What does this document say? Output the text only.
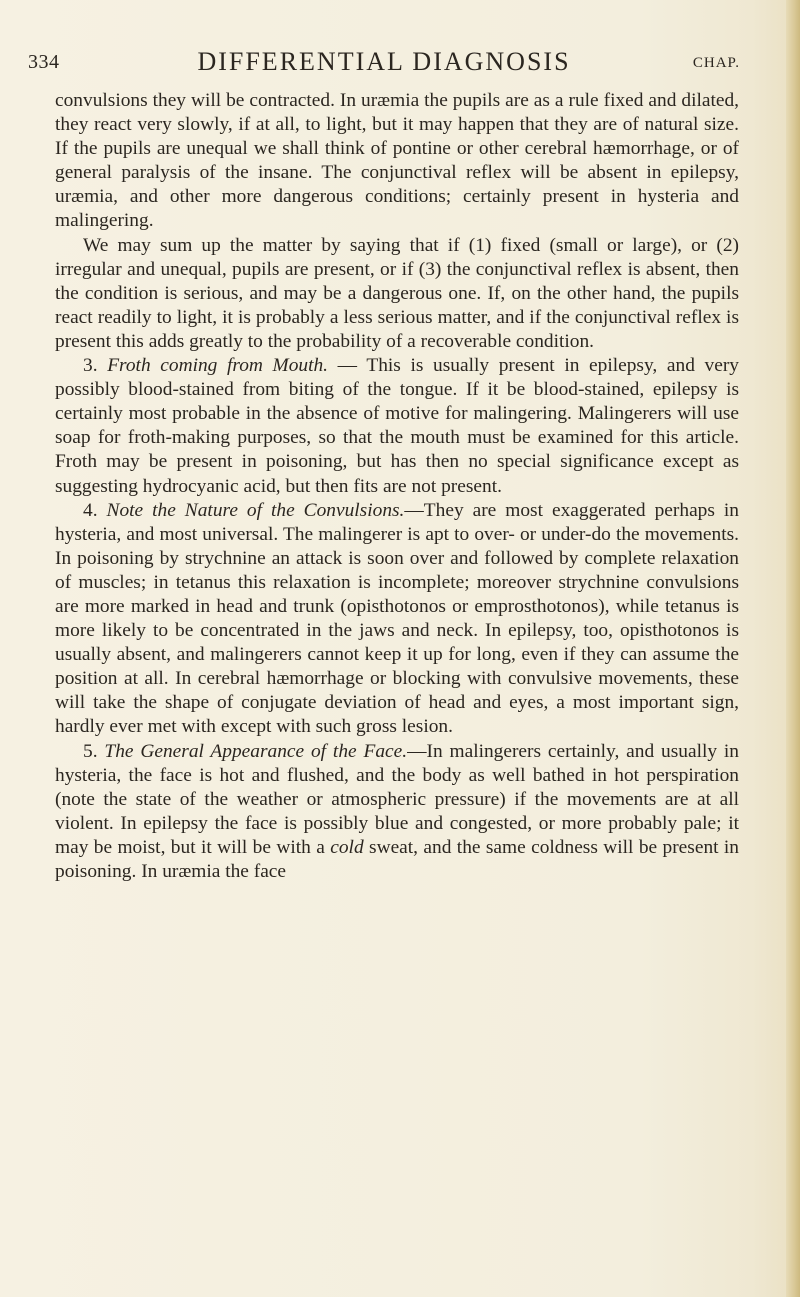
334	DIFFERENTIAL DIAGNOSIS	CHAP.

convulsions they will be contracted. In uræmia the pupils are as a rule fixed and dilated, they react very slowly, if at all, to light, but it may happen that they are of natural size. If the pupils are unequal we shall think of pontine or other cerebral hæmorrhage, or of general paralysis of the insane. The conjunctival reflex will be absent in epilepsy, uræmia, and other more dangerous conditions; certainly present in hysteria and malingering.

We may sum up the matter by saying that if (1) fixed (small or large), or (2) irregular and unequal, pupils are present, or if (3) the conjunctival reflex is absent, then the condition is serious, and may be a dangerous one. If, on the other hand, the pupils react readily to light, it is probably a less serious matter, and if the conjunctival reflex is present this adds greatly to the probability of a recoverable condition.

3. Froth coming from Mouth. — This is usually present in epilepsy, and very possibly blood-stained from biting of the tongue. If it be blood-stained, epilepsy is certainly most probable in the absence of motive for malingering. Malingerers will use soap for froth-making purposes, so that the mouth must be examined for this article. Froth may be present in poisoning, but has then no special significance except as suggesting hydrocyanic acid, but then fits are not present.

4. Note the Nature of the Convulsions.—They are most exaggerated perhaps in hysteria, and most universal. The malingerer is apt to over- or under-do the movements. In poisoning by strychnine an attack is soon over and followed by complete relaxation of muscles; in tetanus this relaxation is incomplete; moreover strychnine convulsions are more marked in head and trunk (opisthotonos or emprosthotonos), while tetanus is more likely to be concentrated in the jaws and neck. In epilepsy, too, opisthotonos is usually absent, and malingerers cannot keep it up for long, even if they can assume the position at all. In cerebral hæmorrhage or blocking with convulsive movements, these will take the shape of conjugate deviation of head and eyes, a most important sign, hardly ever met with except with such gross lesion.

5. The General Appearance of the Face.—In malingerers certainly, and usually in hysteria, the face is hot and flushed, and the body as well bathed in hot perspiration (note the state of the weather or atmospheric pressure) if the movements are at all violent. In epilepsy the face is possibly blue and congested, or more probably pale; it may be moist, but it will be with a cold sweat, and the same coldness will be present in poisoning. In uræmia the face
